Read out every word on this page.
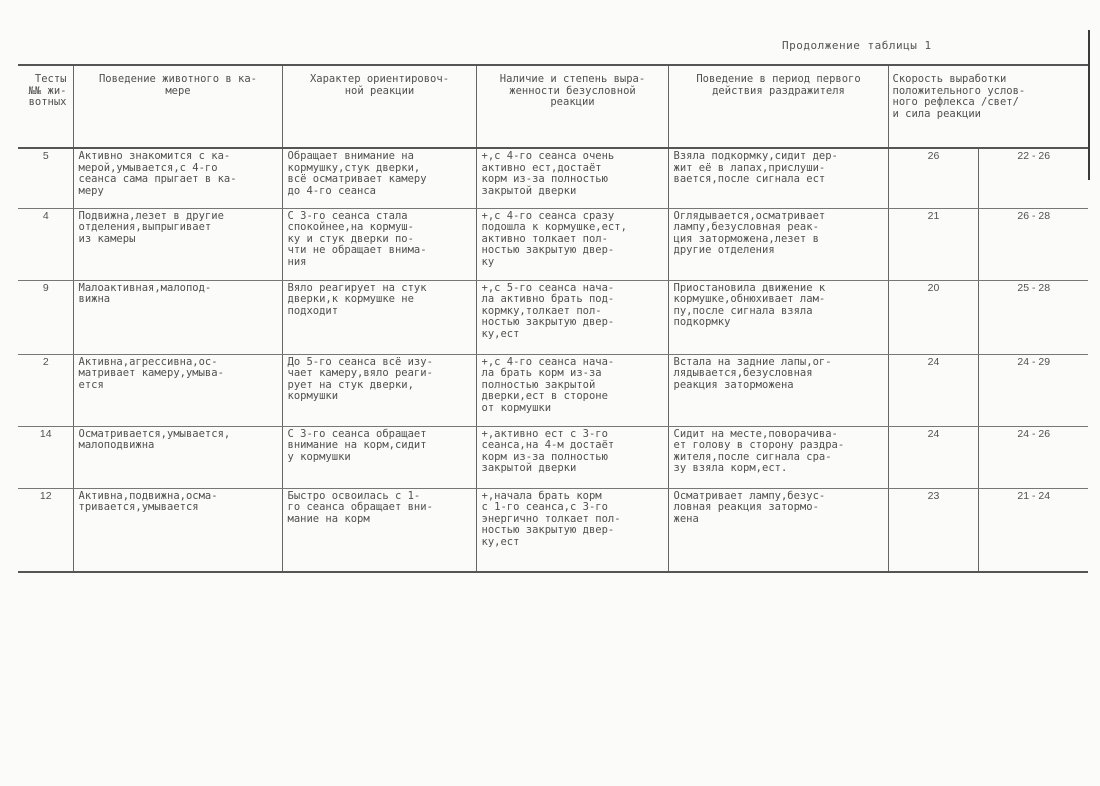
Продолжение таблицы 1
Тесты
№№ жи-
вотных	Поведение животного в ка-
мере	Характер ориентировоч-
ной реакции	Наличие и степень выра-
женности безусловной
реакции	Поведение в период первого
действия раздражителя	Скорость выработки
положительного услов-
ного рефлекса /свет/
и сила реакции	

5	Активно знакомится с ка-
мерой,умывается,с 4-го
сеанса сама прыгает в ка-
меру	Обращает внимание на
кормушку,стук дверки,
всё осматривает камеру
до 4-го сеанса	+,с 4-го сеанса очень
активно ест,достаёт
корм из-за полностью
закрытой дверки	Взяла подкормку,сидит дер-
жит её в лапах,прислуши-
вается,после сигнала ест	26	22 - 26
4	Подвижна,лезет в другие
отделения,выпрыгивает
из камеры	С 3-го сеанса стала
спокойнее,на кормуш-
ку и стук дверки по-
чти не обращает внима-
ния	+,с 4-го сеанса сразу
подошла к кормушке,ест,
активно толкает пол-
ностью закрытую двер-
ку	Оглядывается,осматривает
лампу,безусловная реак-
ция заторможена,лезет в
другие отделения	21	26 - 28
9	Малоактивная,малопод-
вижна	Вяло реагирует на стук
дверки,к кормушке не
подходит	+,с 5-го сеанса нача-
ла активно брать под-
кормку,толкает пол-
ностью закрытую двер-
ку,ест	Приостановила движение к
кормушке,обнюхивает лам-
пу,после сигнала взяла
подкормку	20	25 - 28
2	Активна,агрессивна,ос-
матривает камеру,умыва-
ется	До 5-го сеанса всё изу-
чает камеру,вяло реаги-
рует на стук дверки,
кормушки	+,с 4-го сеанса нача-
ла брать корм из-за
полностью закрытой
дверки,ест в стороне
от кормушки	Встала на задние лапы,ог-
лядывается,безусловная
реакция заторможена	24	24 - 29
14	Осматривается,умывается,
малоподвижна	С 3-го сеанса обращает
внимание на корм,сидит
у кормушки	+,активно ест с 3-го
сеанса,на 4-м достаёт
корм из-за полностью
закрытой дверки	Сидит на месте,поворачива-
ет голову в сторону раздра-
жителя,после сигнала сра-
зу взяла корм,ест.	24	24 - 26
12	Активна,подвижна,осма-
тривается,умывается	Быстро освоилась с 1-
го сеанса обращает вни-
мание на корм	+,начала брать корм
с 1-го сеанса,с 3-го
энергично толкает пол-
ностью закрытую двер-
ку,ест	Осматривает лампу,безус-
ловная реакция затормо-
жена	23	21 - 24
